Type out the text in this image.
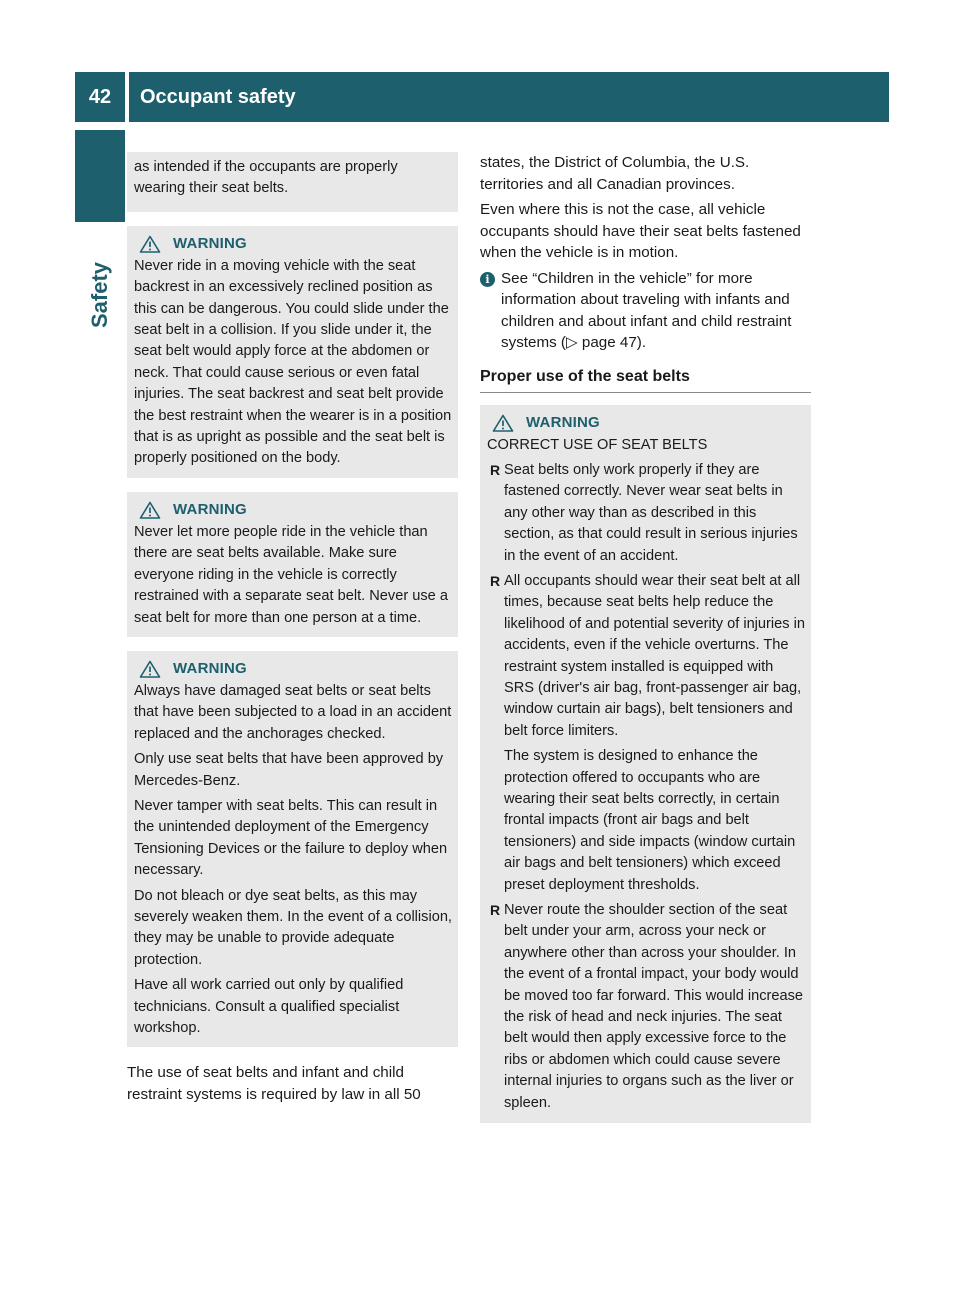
42	Occupant safety
Safety

as intended if the occupants are properly wearing their seat belts.

WARNING

Never ride in a moving vehicle with the seat backrest in an excessively reclined position as this can be dangerous. You could slide under the seat belt in a collision. If you slide under it, the seat belt would apply force at the abdomen or neck. That could cause serious or even fatal injuries. The seat backrest and seat belt provide the best restraint when the wearer is in a position that is as upright as possible and the seat belt is properly positioned on the body.

WARNING

Never let more people ride in the vehicle than there are seat belts available. Make sure everyone riding in the vehicle is correctly restrained with a separate seat belt. Never use a seat belt for more than one person at a time.

WARNING

Always have damaged seat belts or seat belts that have been subjected to a load in an accident replaced and the anchorages checked.

Only use seat belts that have been approved by Mercedes-Benz.

Never tamper with seat belts. This can result in the unintended deployment of the Emergency Tensioning Devices or the failure to deploy when necessary.

Do not bleach or dye seat belts, as this may severely weaken them. In the event of a collision, they may be unable to provide adequate protection.

Have all work carried out only by qualified technicians. Consult a qualified specialist workshop.

The use of seat belts and infant and child restraint systems is required by law in all 50

states, the District of Columbia, the U.S. territories and all Canadian provinces.

Even where this is not the case, all vehicle occupants should have their seat belts fastened when the vehicle is in motion.

i See “Children in the vehicle” for more information about traveling with infants and children and about infant and child restraint systems (▷ page 47).

Proper use of the seat belts
WARNING

CORRECT USE OF SEAT BELTS

R Seat belts only work properly if they are fastened correctly. Never wear seat belts in any other way than as described in this section, as that could result in serious injuries in the event of an accident.

R All occupants should wear their seat belt at all times, because seat belts help reduce the likelihood of and potential severity of injuries in accidents, even if the vehicle overturns. The restraint system installed is equipped with SRS (driver's air bag, front-passenger air bag, window curtain air bags), belt tensioners and belt force limiters.

The system is designed to enhance the protection offered to occupants who are wearing their seat belts correctly, in certain frontal impacts (front air bags and belt tensioners) and side impacts (window curtain air bags and belt tensioners) which exceed preset deployment thresholds.

R Never route the shoulder section of the seat belt under your arm, across your neck or anywhere other than across your shoulder. In the event of a frontal impact, your body would be moved too far forward. This would increase the risk of head and neck injuries. The seat belt would then apply excessive force to the ribs or abdomen which could cause severe internal injuries to organs such as the liver or spleen.
